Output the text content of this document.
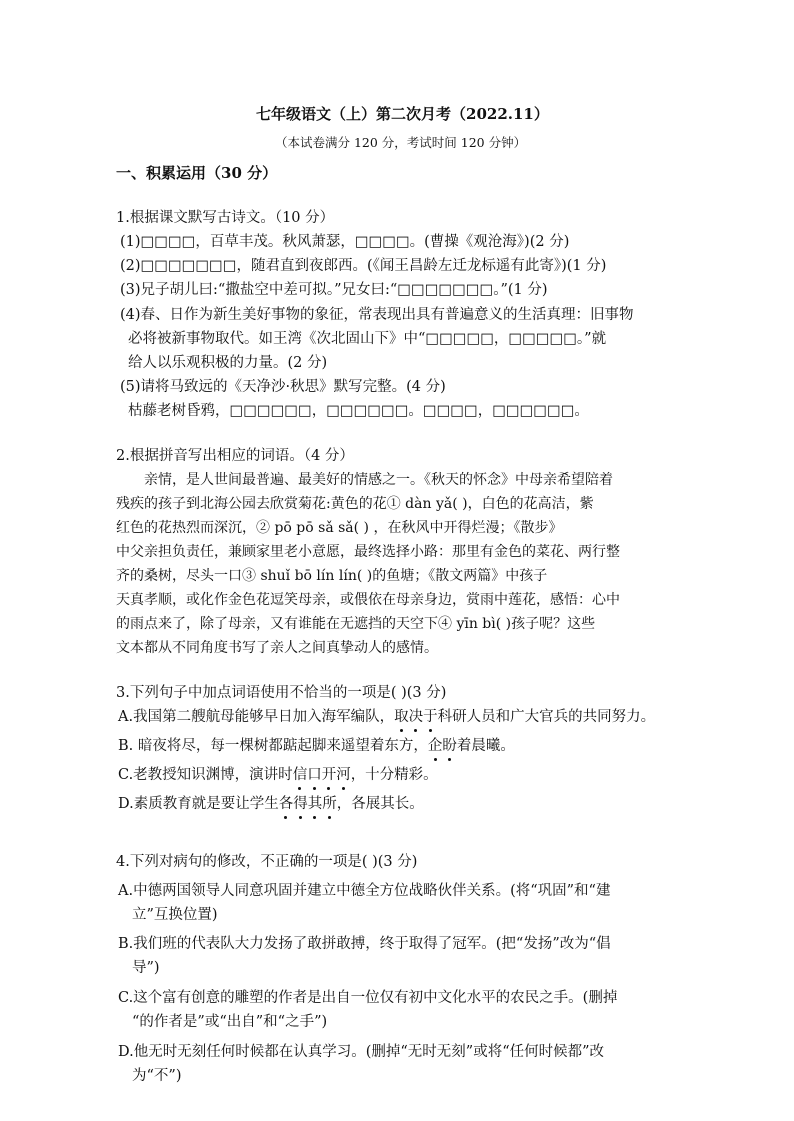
七年级语文（上）第二次月考（2022.11）
（本试卷满分 120 分，考试时间 120 分钟）
一、积累运用（30 分）
1.根据课文默写古诗文。（10 分）
(1)□□□□，百草丰茂。秋风萧瑟，□□□□。(曹操《观沧海》)(2 分)
(2)□□□□□□□，随君直到夜郎西。(《闻王昌龄左迁龙标遥有此寄》)(1 分)
(3)兄子胡儿曰:“撒盐空中差可拟。”兄女曰:“□□□□□□□。”(1 分)
(4)春、日作为新生美好事物的象征，常表现出具有普遍意义的生活真理：旧事物
必将被新事物取代。如王湾《次北固山下》中“□□□□□，□□□□□。”就
给人以乐观积极的力量。(2 分)
(5)请将马致远的《天净沙·秋思》默写完整。(4 分)
枯藤老树昏鸦，□□□□□□，□□□□□□。□□□□，□□□□□□。
2.根据拼音写出相应的词语。（4 分）
亲情，是人世间最普遍、最美好的情感之一。《秋天的怀念》中母亲希望陪着
残疾的孩子到北海公园去欣赏菊花:黄色的花① dàn yǎ( )，白色的花高洁，紫
红色的花热烈而深沉，② pō pō sǎ sǎ( ) ，在秋风中开得烂漫；《散步》
中父亲担负责任，兼顾家里老小意愿，最终选择小路：那里有金色的菜花、两行整
齐的桑树，尽头一口③ shuǐ bō lín lín( )的鱼塘；《散文两篇》中孩子
天真孝顺，或化作金色花逗笑母亲，或偎依在母亲身边，赏雨中莲花，感悟：心中
的雨点来了，除了母亲，又有谁能在无遮挡的天空下④ yīn bì( )孩子呢？这些
文本都从不同角度书写了亲人之间真挚动人的感情。
3.下列句子中加点词语使用不恰当的一项是( )(3 分)
A.我国第二艘航母能够早日加入海军编队，取决于科研人员和广大官兵的共同努力。
B. 暗夜将尽，每一棵树都踮起脚来遥望着东方，企盼着晨曦。
C.老教授知识渊博，演讲时信口开河，十分精彩。
D.素质教育就是要让学生各得其所，各展其长。
4.下列对病句的修改，不正确的一项是( )(3 分)
A.中德两国领导人同意巩固并建立中德全方位战略伙伴关系。(将“巩固”和“建
立”互换位置)
B.我们班的代表队大力发扬了敢拼敢搏，终于取得了冠军。(把“发扬”改为“倡
导”)
C.这个富有创意的雕塑的作者是出自一位仅有初中文化水平的农民之手。(删掉
“的作者是”或“出自”和“之手”)
D.他无时无刻任何时候都在认真学习。(删掉“无时无刻”或将“任何时候都”改
为“不”)
